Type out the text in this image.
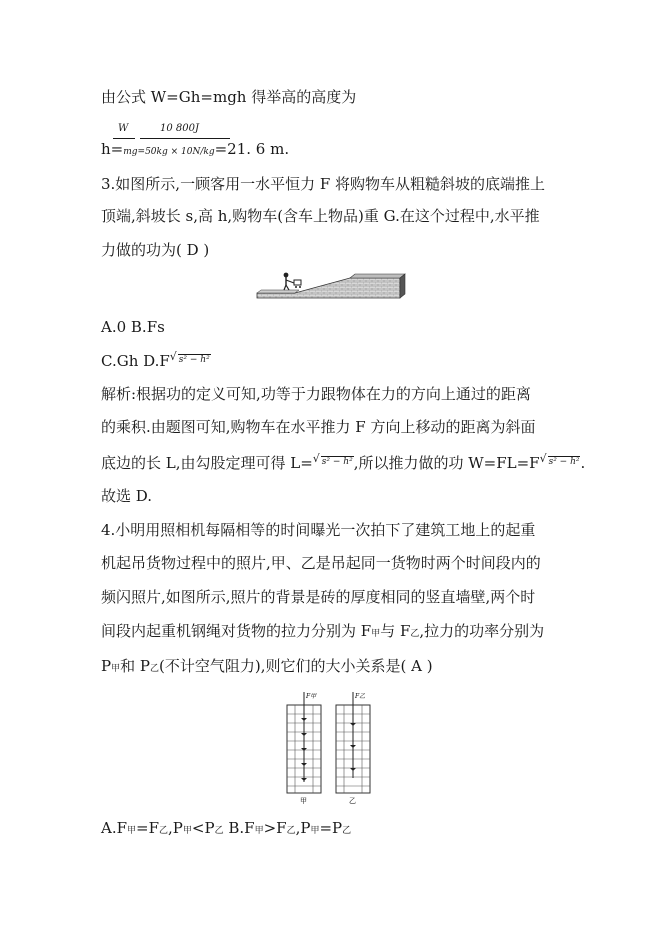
由公式 W=Gh=mgh 得举高的高度为
W	10 800J
h=mg=50kg × 10N/kg=21. 6 m.
3.如图所示,一顾客用一水平恒力 F 将购物车从粗糙斜坡的底端推上
顶端,斜坡长 s,高 h,购物车(含车上物品)重 G.在这个过程中,水平推
力做的功为( D )
A.0 B.Fs
C.Gh D.F √ s² − h²
解析:根据功的定义可知,功等于力跟物体在力的方向上通过的距离
的乘积.由题图可知,购物车在水平推力 F 方向上移动的距离为斜面
底边的长 L,由勾股定理可得 L= √ s² − h²,所以推力做的功 W=FL=F √ s² − h².
故选 D.
4.小明用照相机每隔相等的时间曝光一次拍下了建筑工地上的起重
机起吊货物过程中的照片,甲、乙是吊起同一货物时两个时间段内的
频闪照片,如图所示,照片的背景是砖的厚度相同的竖直墙壁,两个时
间段内起重机钢绳对货物的拉力分别为 F甲与 F乙,拉力的功率分别为
P甲和 P乙(不计空气阻力),则它们的大小关系是( A )
F甲
甲
F乙
乙
A.F甲=F乙,P甲<P乙 B.F甲>F乙,P甲=P乙
